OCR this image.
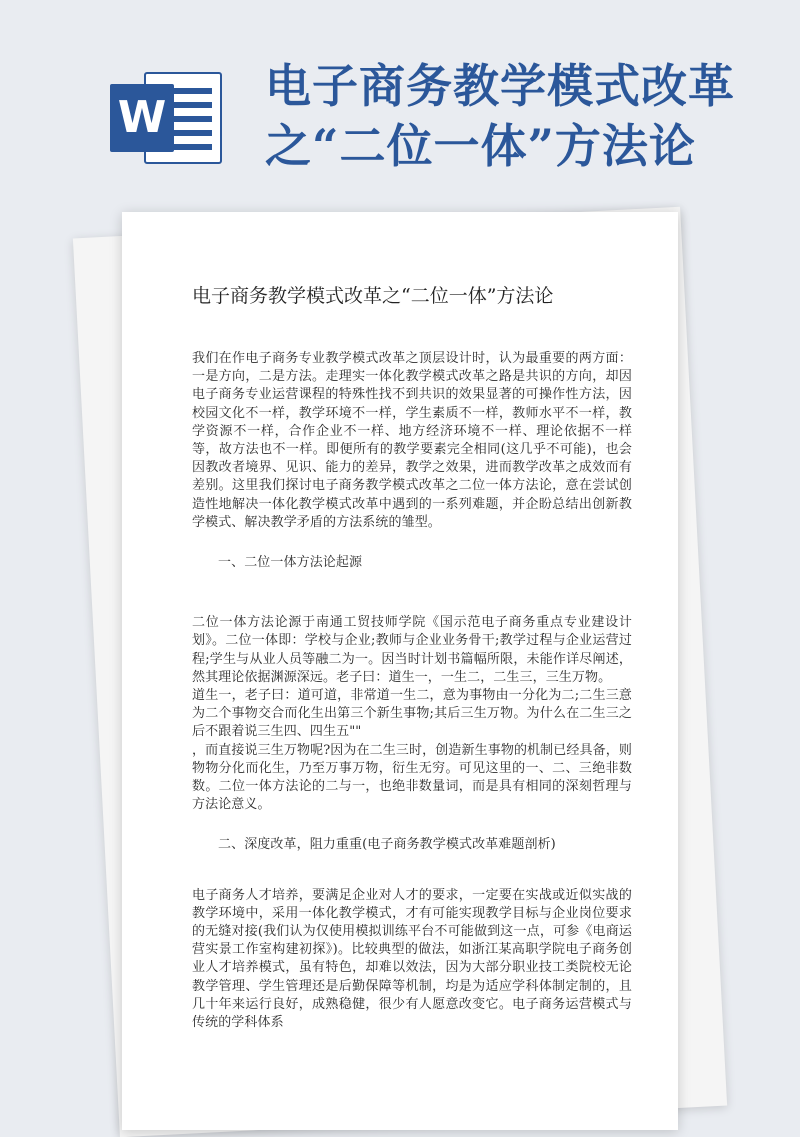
W
电子商务教学模式改革
之“二位一体”方法论
电子商务教学模式改革之“二位一体”方法论

我们在作电子商务专业教学模式改革之顶层设计时，认为最重要的两方面：一是方向，二是方法。走理实一体化教学模式改革之路是共识的方向，却因电子商务专业运营课程的特殊性找不到共识的效果显著的可操作性方法，因校园文化不一样，教学环境不一样，学生素质不一样，教师水平不一样，教学资源不一样，合作企业不一样、地方经济环境不一样、理论依据不一样等，故方法也不一样。即便所有的教学要素完全相同(这几乎不可能)，也会因教改者境界、见识、能力的差异，教学之效果，进而教学改革之成效而有差别。这里我们探讨电子商务教学模式改革之二位一体方法论，意在尝试创造性地解决一体化教学模式改革中遇到的一系列难题，并企盼总结出创新教学模式、解决教学矛盾的方法系统的雏型。

一、二位一体方法论起源

二位一体方法论源于南通工贸技师学院《国示范电子商务重点专业建设计划》。二位一体即：学校与企业;教师与企业业务骨干;教学过程与企业运营过程;学生与从业人员等融二为一。因当时计划书篇幅所限，未能作详尽阐述，然其理论依据渊源深远。老子曰：道生一，一生二，二生三，三生万物。

道生一，老子曰：道可道，非常道一生二，意为事物由一分化为二;二生三意为二个事物交合而化生出第三个新生事物;其后三生万物。为什么在二生三之后不跟着说三生四、四生五""

，而直接说三生万物呢?因为在二生三时，创造新生事物的机制已经具备，则物物分化而化生，乃至万事万物，衍生无穷。可见这里的一、二、三绝非数数。二位一体方法论的二与一，也绝非数量词，而是具有相同的深刻哲理与方法论意义。

二、深度改革，阻力重重(电子商务教学模式改革难题剖析)

电子商务人才培养，要满足企业对人才的要求，一定要在实战或近似实战的教学环境中，采用一体化教学模式，才有可能实现教学目标与企业岗位要求的无缝对接(我们认为仅使用模拟训练平台不可能做到这一点，可参《电商运营实景工作室构建初探》)。比较典型的做法，如浙江某高职学院电子商务创业人才培养模式，虽有特色，却难以效法，因为大部分职业技工类院校无论教学管理、学生管理还是后勤保障等机制，均是为适应学科体制定制的，且几十年来运行良好，成熟稳健，很少有人愿意改变它。电子商务运营模式与传统的学科体系
